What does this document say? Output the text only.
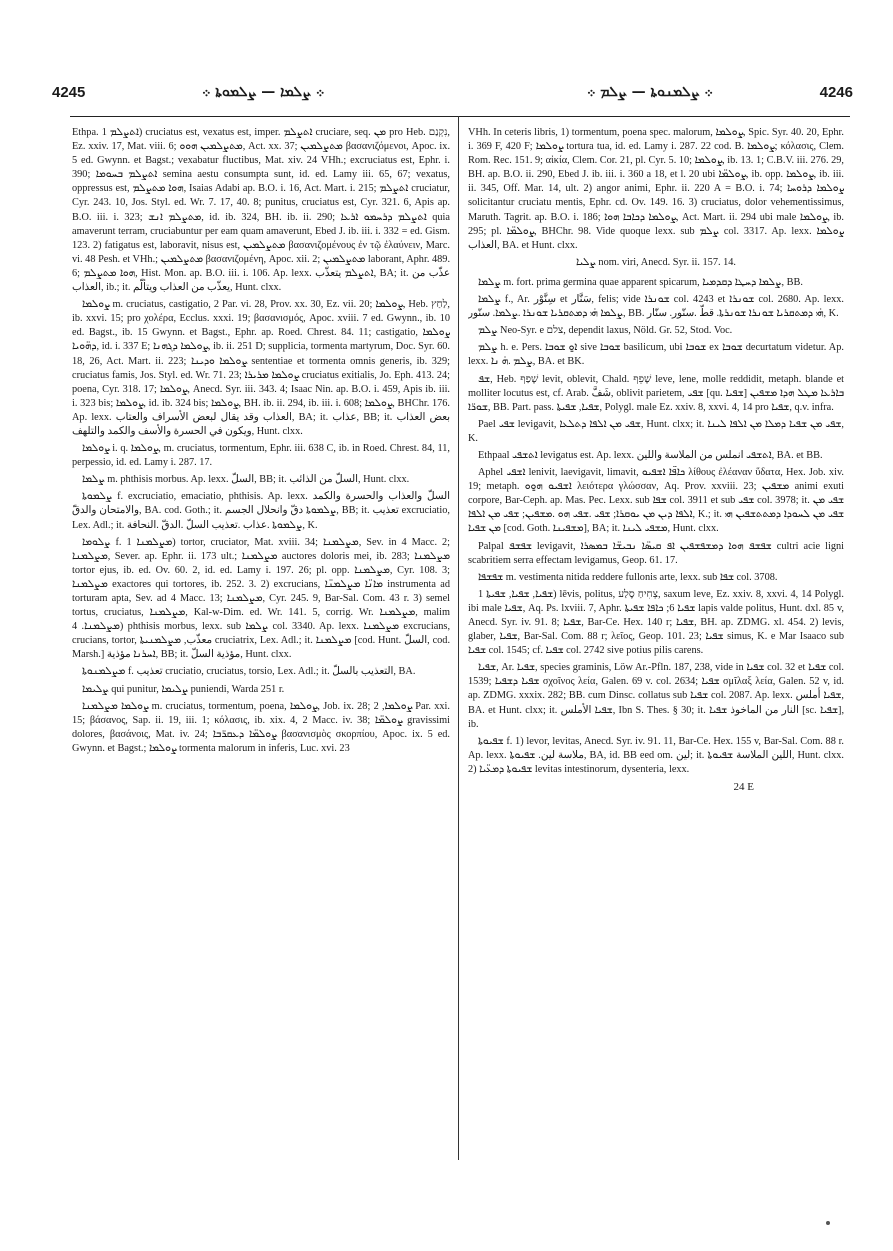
4245	܀ ܨܠܡܐ — ܨܠܡܘܬܐ ܀	܀ ܨܠܡܢܘܬܐ — ܨܠܡ ܀	4246

Ethpa. ܐܬܨܠܡ 1) cruciatus est, vexatus est, imper. ܐܬܨܠܡ cruciare, seq. ܡܢ pro Heb. נִקְנַם, Ez. xxiv. 17, Mat. viii. 6; ܡܬܨܠܡܝܢ ܗܘܘ, Act. xx. 37; ܡܬܨܠܡܝܢ βασανιζόμενοι, Apoc. ix. 5 ed. Gwynn. et Bagst.; vexabatur fluctibus, Mat. xiv. 24 VHh.; excruciatus est, Ephr. i. 390; ܐܬܨܠܡ ܒܚܘܡܐ semina aestu consumpta sunt, id. ed. Lamy iii. 65, 67; vexatus, oppressus est, ܗܘܐ ܡܬܨܠܡ, Isaias Adabi ap. B.O. i. 16, Act. Mart. i. 215; ܐܬܨܠܡ cruciatur, Cyr. 243. 10, Jos. Styl. ed. Wr. 7. 17, 40. 8; punitus, cruciatus est, Cyr. 321. 6, Apis ap. B.O. iii. i. 323; ܡܬܨܠܡ ܐܢܫ, id. ib. 324, BH. ib. ii. 290; ܐܬܨܠܡ ܕܪܚܡܘ ܐܪܥܐ quia amaverunt terram, cruciabuntur per eam quam amaverunt, Ebed J. ib. iii. i. 332 = ed. Gism. 123. 2) fatigatus est, laboravit, nisus est, ܡܬܨܠܡܝܢ βασανιζομένους ἐν τῷ ἐλαύνειν, Marc. vi. 48 Pesh. et VHh.; ܡܬܨܠܡܝܢ βασανιζομένη, Apoc. xii. 2; ܡܬܨܠܡܝܢ laborant, Aphr. 489. 6; ܗܘܐ ܡܬܨܠܡ, Hist. Mon. ap. B.O. iii. i. 106. Ap. lexx. ܐܬܨܠܡ يتعذّب, BA; it. عذّب من العذاب, ib.; it. يعذّب من العذاب ويتألّم, Hunt. clxx.

ܨܘܠܡܐ m. cruciatus, castigatio, 2 Par. vi. 28, Prov. xx. 30, Ez. vii. 20; ܨܘܠܡܐ, Heb. לַחַץ, ib. xxvi. 15; pro χολέρα, Ecclus. xxxi. 19; βασανισμός, Apoc. xviii. 7 ed. Gwynn., ib. 10 ed. Bagst., ib. 15 Gwynn. et Bagst., Ephr. ap. Roed. Chrest. 84. 11; castigatio, ܨܘܠܡܐ ܕܗ̈ܘܝܐ, id. i. 337 E; ܨܘܠܡܐ ܕܓܗܢܐ, ib. ii. 251 D; supplicia, tormenta martyrum, Doc. Syr. 60. 18, 26, Act. Mart. ii. 223; ܨܘܠܡܐ ܘܕܝܢܐ sententiae et tormenta omnis generis, ib. 329; cruciatus famis, Jos. Styl. ed. Wr. 71. 23; ܨܘܠܡܐ ܡܪܝܪܐ cruciatus exitialis, Jo. Eph. 413. 24; poena, Cyr. 318. 17; ܨܘܠܡܐ, Anecd. Syr. iii. 343. 4; Isaac Nin. ap. B.O. i. 459, Apis ib. iii. i. 323 bis; ܨܘܠܡܐ, id. ib. 324 bis; ܨܘܠܡܐ, BH. ib. ii. 294, ib. iii. i. 608; ܨܘܠܡܐ, BHChr. 176. Ap. lexx. العذاب وقد يقال لبعض الأسراف والعتاب, BA; it. عذاب, BB; it. بعض العذاب ويكون في الحسرة والأسف والكمد والتلهف, Hunt. clxx.

ܨܘܠܡܐ i. q. ܨܘܠܡܐ, m. cruciatus, tormentum, Ephr. iii. 638 C, ib. in Roed. Chrest. 84, 11, perpessio, id. ed. Lamy i. 287. 17.

ܨܠܡܐ m. phthisis morbus. Ap. lexx. السلّ, BB; it. السلّ من الذائب, Hunt. clxx.

ܨܠܡܘܬܐ f. excruciatio, emaciatio, phthisis. Ap. lexx. السلّ والعذاب والحسرة والكمد والامتحان والدقّ, BA. cod. Goth.; it. ܨܠܡܘܬܐ دقّ وانحلال الجسم, BB; it. تعذيب excruciatio, Lex. Adl.; it. ܨܠܡܘܬܐ .عذاب .تعذيب السلّ .الدقّ .النحافة, K.

ܨܠܘܡܐ f. ܡܨܠܡܢܐ 1) tortor, cruciator, Mat. xviii. 34; ܡܨܠܡܢܐ, Sev. in 4 Macc. 2; ܡܨܠܡܢܐ, Sever. ap. Ephr. ii. 173 ult.; ܡܨܠܡܢܐ auctores doloris mei, ib. 283; ܡܨܠܡܢܐ tortor ejus, ib. ed. Ov. 60. 2, id. ed. Lamy i. 197. 26; pl. opp. ܡܨܠܡܢܐ, Cyr. 108. 3; ܡܨܠܡܢܐ exactores qui tortores, ib. 252. 3. 2) excrucians, ܡܐܢ̈ܐ ܡܨܠܡܢ̈ܐ instrumenta ad torturam apta, Sev. ad 4 Macc. 13; ܡܨܠܡܢܐ, Cyr. 245. 9, Bar-Sal. Com. 43 r. 3) semel tortus, cruciatus, ܡܨܠܡܢܐ, Kal-w-Dim. ed. Wr. 141. 5, corrig. Wr. ܡܨܠܡܢܐ, malim ܡܨܠܡܢܐ. 4) phthisis morbus, lexx. sub ܨܠܡܐ col. 3340. Ap. lexx. ܡܨܠܡܢܐ excrucians, crucians, tortor, معذّب, ܡܨܠܡܢܝܬܐ cruciatrix, Lex. Adl.; it. ܡܨܠܡܢܐ [cod. Hunt. السلّ, cod. Marsh.] ܐܚܪܢܐ مؤذية, BB; it. مؤذية السلّ, Hunt. clxx.

ܡܨܠܡܢܘܬܐ f. تعذيب cruciatio, cruciatus, torsio, Lex. Adl.; it. التعذيب بالسلّ, BA.

ܨܠܝܡܐ qui punitur, ܨܠܝܡܐ puniendi, Warda 251 r.

ܨܘܠܡܐ ܡܨܠܡܢܐ m. cruciatus, tormentum, poena, ܨܘܠܡܐ, Job. ix. 28; ܨܘܠܡܐ, 2 Par. xxi. 15; βάσανος, Sap. ii. 19, iii. 1; κόλασις, ib. xix. 4, 2 Macc. iv. 38; ܨܘܠܡ̈ܐ gravissimi dolores, βασάνοις, Mat. iv. 24; ܨܘܠܡ̈ܐ ܕܥܩܪ̈ܒܐ βασανισμὸς σκορπίου, Apoc. ix. 5 ed. Gwynn. et Bagst.; ܨܘܠܡܐ tormenta malorum in inferis, Luc. xvi. 23

VHh. In ceteris libris, 1) tormentum, poena spec. malorum, ܨܘܠܡܐ, Spic. Syr. 40. 20, Ephr. i. 369 F, 420 F; ܨܘܠܡܐ tortura tua, id. ed. Lamy i. 287. 22 cod. B. ܨܘܠܡܐ; κόλασις, Clem. Rom. Rec. 151. 9; αἰκία, Clem. Cor. 21, pl. Cyr. 5. 10; ܨܘܠܡܐ, ib. 13. 1; C.B.V. iii. 276. 29, BH. ap. B.O. ii. 290, Ebed J. ib. iii. i. 360 a 18, et l. 20 ubi ܨܘܠܡ̈ܐ, ib. opp. ܨܘܠܡܐ, ib. iii. ii. 345, Off. Mar. 14, ult. 2) angor animi, Ephr. ii. 220 A = B.O. i. 74; ܨܘܠܡܐ ܕܪܘܚܐ solicitantur cruciatu mentis, Ephr. cd. Ov. 149. 16. 3) cruciatus, dolor vehementissimus, Maruth. Tagrit. ap. B.O. i. 186; ܨܘܠܡܐ ܕܟܐܒܐ ܗܘܐ, Act. Mart. ii. 294 ubi male ܨܘܠܡܐ, ib. 295; pl. ܨܘܠܡ̈ܐ, BHChr. 98. Vide quoque lexx. sub ܨܠܡ col. 3317. Ap. lexx. ܨܘܠܡܐ العذاب, BA. et Hunt. clxx.

ܨܠܝܐ nom. viri, Anecd. Syr. ii. 157. 14.

ܨܠܡܐ m. fort. prima germina quae apparent spicarum, ܨܠܡܐ ܕܚܛܐ ܕܩܕܡܝܐ, BB.

ܨܠܡܐ f., Ar. سِنَّوْر et سَنَّار, felis; vide ܫܘܢܪܐ col. 4243 et ܫܘܢܪܐ col. 2680. Ap. lexx. ܨܠܡܐ ܗ̇ܝ ܕܡܬܩܪܝܐ ܫܘܢܪܐ .ܨܠܡܐ. سنّور, BB. ܗ̇ܝ ܕܡܬܩܪܝܐ ܫܘܢܪܐ ܫܘܢܪܬܐ. قطّ .سنّور. سنّار, K.

ܨܠܡ Neo-Syr. e צלם, dependit laxus, Nöld. Gr. 52, Stod. Voc.

ܨܠܡ h. e. Pers. ܐ̱ܘ ܫܘܒܐ sive ܫܘܒܐ basilicum, ubi ܫܘܒܐ ex ܫܘܒܐ decurtatum videtur. Ap. lexx. ܨܠܡ .ܗ̇ ܢܐ, BA. et BK.

ܫܦ, Heb. שָׁפַף levit, oblevit, Chald. שָׁפֵף leve, lene, molle reddidit, metaph. blande et molliter locutus est, cf. Arab. شَفَّ, oblivit parietem, ܫܦܝ [qu. ܫܦܝܐ] ܒܐܪܥܐ ܡܛܠ ܗܕܐ ܡܫܦܝܢ ܫܘܪ̈ܐ, BB. Part. pass. ܫܦܝܐ, ܫܦܝܬܐ, Polygl. male Ez. xxiv. 8, xxvi. 4, 14 pro ܫܦܝܐ, q.v. infra.

Pael ܫܦܝ levigavit, ܫܦܝ ܡܢ ܐܠܦܐ ܕܬܠܥܐ, Hunt. clxx; it. ܫܦܝ ܡܢ ܫܦܝܐ ܕܡܠܐ ܡܢ ܐܠܦܐ ܠܝܢܐ, K.

Ethpaal ܐܬܫܦܝ levigatus est. Ap. lexx. ܐܬܫܦܝ انملس من الملاسة واللين, BA. et BB.

Aphel ܐܫܦܝ lenivit, laevigavit, limavit, ܟܐܦ̈ܐ ܐܫܦܝܘ λίθους ἐλέαναν ὕδατα, Hex. Job. xiv. 19; metaph. ܐܫܦܝܘ ܗ̱ܘܘ λειότερα γλώσσαν, Aq. Prov. xxviii. 23; ܡܫܦܝܢ animi exuti corpore, Bar-Ceph. ap. Mas. Pec. Lexx. sub ܫܦܐ col. 3911 et sub ܫܦܝ col. 3978; it. ܫܦܝ ܡܢ ܐܠܦܐ ܕܝܢ ܡܢ ܝܘܩܪܐ; ܫܦܝ .ܫܦܝ ܗܘ .ܡܫܦܝܢ; ܫܦܝ ܡܢ ܐܠܦܐ, K.; it. ܫܦܝ ܡܢ ܠܚܘܕܐ ܕܡܬܬܫܦܝܢ ܗܝ ܡܢ ܫܦܝܐ [cod. Goth. ܡܫܦܝܢܐ], BA; it. ܡܫܦܝ ܠܝܢܐ, Hunt. clxx.

Palpal ܫܦܫܦ levigavit, ܫܦܫܦ ܗܘܐ ܕܡܫܦܫܦܝܢ ܐܦ ܩܝܣ̈ܐ ܢܒܝܫ̈ܐ ܒܡܣܪܐ cultri acie ligni scabritiem serra effectam levigamus, Geop. 61. 17.

ܫܦܫܦܐ m. vestimenta nitida reddere fullonis arte, lexx. sub ܫܦܐ col. 3708.

ܫܦܝܐ, ܫܦܝܐ, ܫܦܝܬܐ 1) lēvis, politus, צְחִיחַ סֶלַע, saxum leve, Ez. xxiv. 8, xxvi. 4, 14 Polygl. ibi male ܫܦܝܐ, Aq. Ps. lxviii. 7, Aphr. ܫܦܝܐ 6; ܟܐܦܐ ܫܦܝܬܐ lapis valde politus, Hunt. dxl. 85 v, Anecd. Syr. iv. 91. 8; ܫܦܝܐ, Bar-Ce. Hex. 140 r; ܫܦܝܐ, BH. ap. ZDMG. xl. 454. 2) levis, glaber, ܫܦܝܐ, Bar-Sal. Com. 88 r; λεῖος, Geop. 101. 23; ܫܦܝܐ simus, K. e Mar Isaaco sub ܫܦܝܐ col. 1545; cf. ܫܦܝܐ col. 2742 sive potius pilis carens.

ܫܦܝܐ, Ar. ܫܦܝܐ, species graminis, Löw Ar.-Pfln. 187, 238, vide in ܫܦܝܐ col. 32 et ܫܦܝܐ col. 1539; ܫܦܝܐ ܕܫܦܝܐ σχοῖνος λεία, Galen. 69 v. col. 2634; ܫܦܝܐ σμῖλαξ λεία, Galen. 52 v, id. ap. ZDMG. xxxix. 282; BB. cum Dinsc. collatus sub ܫܦܝܐ col. 2087. Ap. lexx. ܫܦܝܐ أملس, BA. et Hunt. clxx; it. ܫܦܝܐ الأملس, Ibn S. Thes. § 30; it. النار من الماخوذ ܫܦܝܐ [sc. ܫܦܝܐ], ib.

ܫܦܝܘܬܐ f. 1) levor, levitas, Anecd. Syr. iv. 91. 11, Bar-Ce. Hex. 155 v, Bar-Sal. Com. 88 r. Ap. lexx. ملاسة لين. ܫܦܝܘܬܐ, BA, id. BB eed om. لين; it. اللين الملاسة ܫܦܝܘܬܐ, Hunt. clxx. 2) ܫܦܝܘܬܐ ܕܡܥ̈ܝܐ levitas intestinorum, dysenteria, lexx.

24 E
